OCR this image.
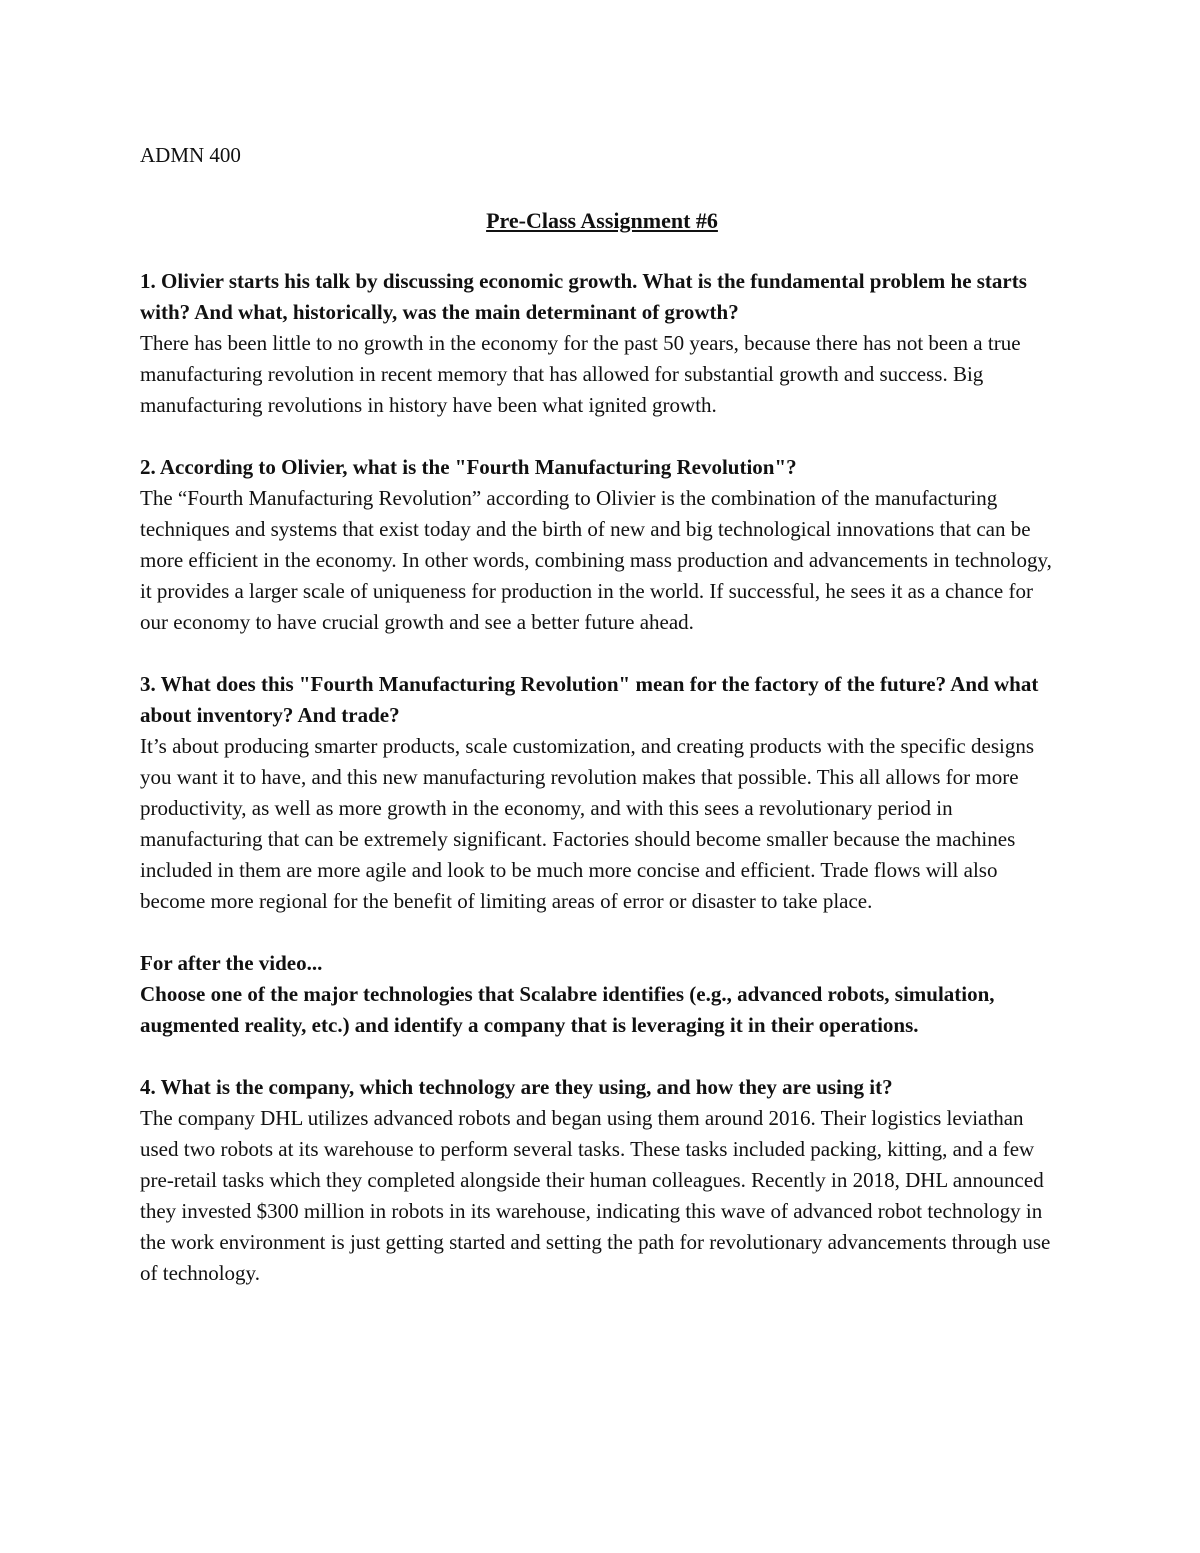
ADMN 400

Pre-Class Assignment #6

1. Olivier starts his talk by discussing economic growth. What is the fundamental problem he starts with? And what, historically, was the main determinant of growth?

There has been little to no growth in the economy for the past 50 years, because there has not been a true manufacturing revolution in recent memory that has allowed for substantial growth and success. Big manufacturing revolutions in history have been what ignited growth.

2. According to Olivier, what is the "Fourth Manufacturing Revolution"?

The “Fourth Manufacturing Revolution” according to Olivier is the combination of the manufacturing techniques and systems that exist today and the birth of new and big technological innovations that can be more efficient in the economy. In other words, combining mass production and advancements in technology, it provides a larger scale of uniqueness for production in the world. If successful, he sees it as a chance for our economy to have crucial growth and see a better future ahead.

3. What does this "Fourth Manufacturing Revolution" mean for the factory of the future? And what about inventory? And trade?

It’s about producing smarter products, scale customization, and creating products with the specific designs you want it to have, and this new manufacturing revolution makes that possible. This all allows for more productivity, as well as more growth in the economy, and with this sees a revolutionary period in manufacturing that can be extremely significant. Factories should become smaller because the machines included in them are more agile and look to be much more concise and efficient. Trade flows will also become more regional for the benefit of limiting areas of error or disaster to take place.

For after the video...

Choose one of the major technologies that Scalabre identifies (e.g., advanced robots, simulation, augmented reality, etc.) and identify a company that is leveraging it in their operations.

4. What is the company, which technology are they using, and how they are using it?

The company DHL utilizes advanced robots and began using them around 2016. Their logistics leviathan used two robots at its warehouse to perform several tasks. These tasks included packing, kitting, and a few pre-retail tasks which they completed alongside their human colleagues. Recently in 2018, DHL announced they invested $300 million in robots in its warehouse, indicating this wave of advanced robot technology in the work environment is just getting started and setting the path for revolutionary advancements through use of technology.
